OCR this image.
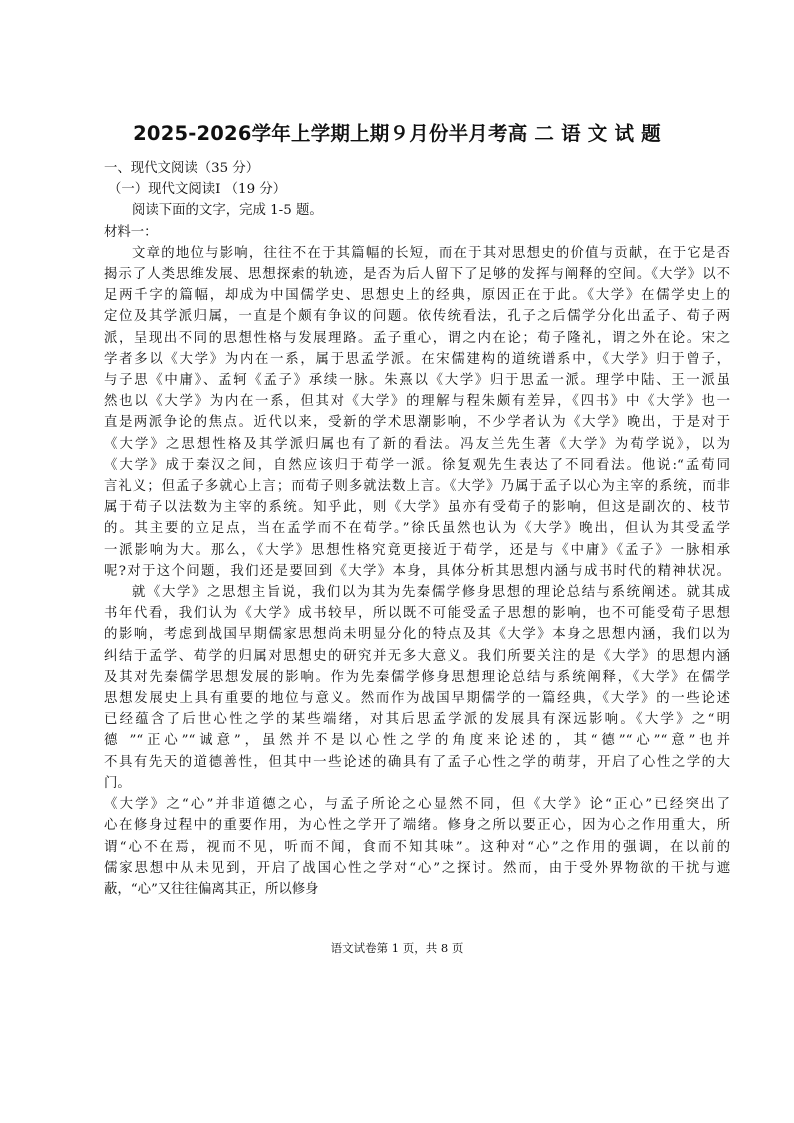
2025-2026学年上学期上期９月份半月考高 二 语 文 试 题
一、现代文阅读（35 分）
（一）现代文阅读Ⅰ （19 分）
阅读下面的文字，完成 1-5 题。
材料一：
文章的地位与影响，往往不在于其篇幅的长短，而在于其对思想史的价值与贡献，在于它是否
揭示了人类思维发展、思想探索的轨迹，是否为后人留下了足够的发挥与阐释的空间。《大学》以不
足两千字的篇幅，却成为中国儒学史、思想史上的经典，原因正在于此。《大学》在儒学史上的
定位及其学派归属，一直是个颇有争议的问题。依传统看法，孔子之后儒学分化出孟子、荀子两
派，呈现出不同的思想性格与发展理路。孟子重心，谓之内在论；荀子隆礼，谓之外在论。宋之
学者多以《大学》为内在一系，属于思孟学派。在宋儒建构的道统谱系中，《大学》归于曾子，
与子思《中庸》、孟轲《孟子》承续一脉。朱熹以《大学》归于思孟一派。理学中陆、王一派虽
然也以《大学》为内在一系，但其对《大学》的理解与程朱颇有差异，《四书》中《大学》也一
直是两派争论的焦点。近代以来，受新的学术思潮影响，不少学者认为《大学》晚出，于是对于
《大学》之思想性格及其学派归属也有了新的看法。冯友兰先生著《大学》为荀学说》，以为
《大学》成于秦汉之间，自然应该归于荀学一派。徐复观先生表达了不同看法。他说:“孟荀同
言礼义；但孟子多就心上言；而荀子则多就法数上言。《大学》乃属于孟子以心为主宰的系统，而非
属于荀子以法数为主宰的系统。知乎此，则《大学》虽亦有受荀子的影响，但这是副次的、枝节
的。其主要的立足点，当在孟学而不在荀学。”徐氏虽然也认为《大学》晚出，但认为其受孟学
一派影响为大。那么，《大学》思想性格究竟更接近于荀学，还是与《中庸》《孟子》一脉相承
呢?对于这个问题，我们还是要回到《大学》本身，具体分析其思想内涵与成书时代的精神状况。
就《大学》之思想主旨说，我们以为其为先秦儒学修身思想的理论总结与系统阐述。就其成
书年代看，我们认为《大学》成书较早，所以既不可能受孟子思想的影响，也不可能受荀子思想
的影响，考虑到战国早期儒家思想尚未明显分化的特点及其《大学》本身之思想内涵，我们以为
纠结于孟学、荀学的归属对思想史的研究并无多大意义。我们所要关注的是《大学》的思想内涵
及其对先秦儒学思想发展的影响。作为先秦儒学修身思想理论总结与系统阐释，《大学》在儒学
思想发展史上具有重要的地位与意义。然而作为战国早期儒学的一篇经典，《大学》的一些论述
已经蕴含了后世心性之学的某些端绪，对其后思孟学派的发展具有深远影响。《大学》之“明
德 ”“正心”“诚意”，虽然并不是以心性之学的角度来论述的，其“德”“心”“意”也并
不具有先天的道德善性，但其中一些论述的确具有了孟子心性之学的萌芽，开启了心性之学的大
门。
《大学》之“心”并非道德之心，与孟子所论之心显然不同，但《大学》论“正心”已经突出了
心在修身过程中的重要作用，为心性之学开了端绪。修身之所以要正心，因为心之作用重大，所
谓“心不在焉，视而不见，听而不闻，食而不知其味”。这种对“心”之作用的强调，在以前的
儒家思想中从未见到，开启了战国心性之学对“心”之探讨。然而，由于受外界物欲的干扰与遮
蔽，“心”又往往偏离其正，所以修身
语文试卷第 1 页，共 8 页
